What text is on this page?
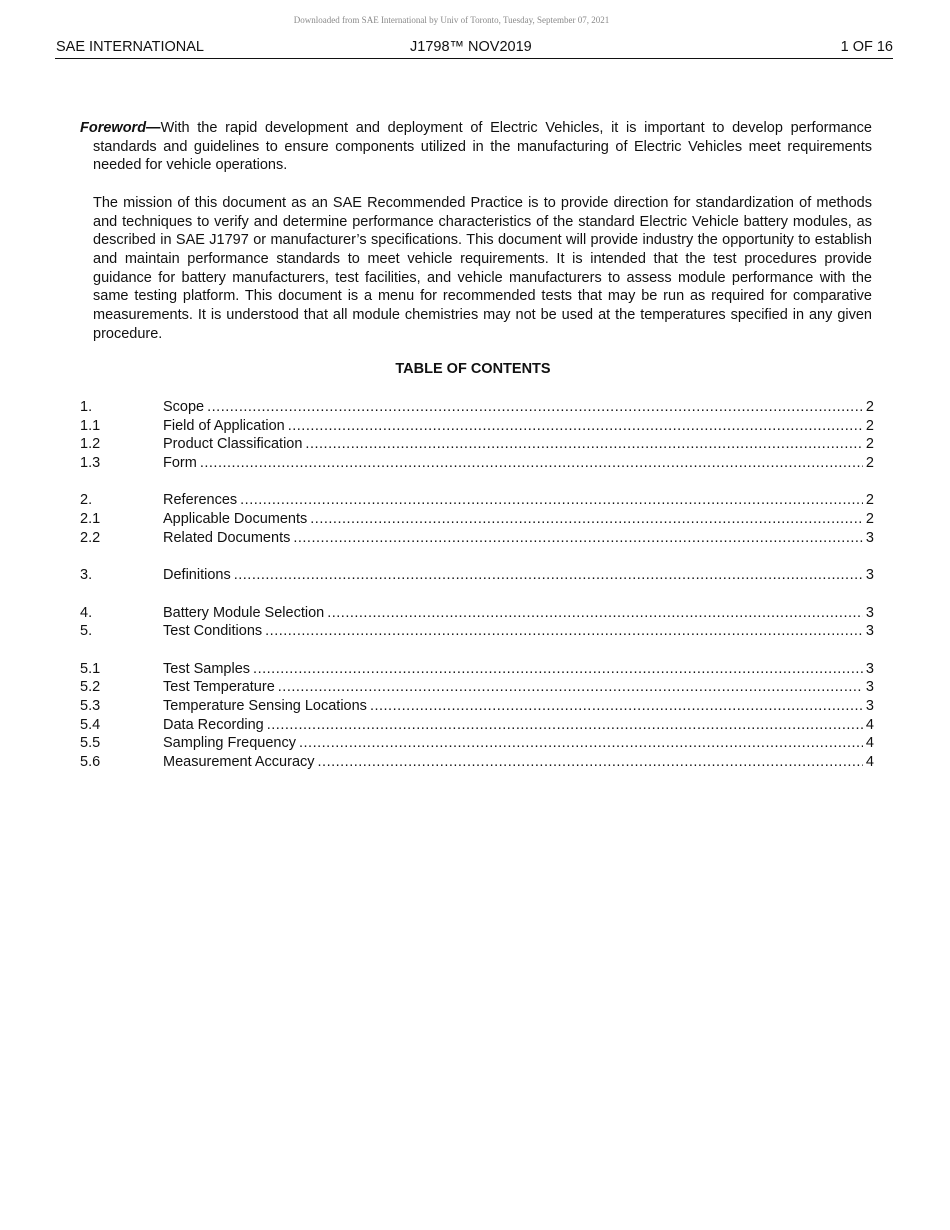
Downloaded from SAE International by Univ of Toronto, Tuesday, September 07, 2021
SAE INTERNATIONAL	J1798™ NOV2019	1 OF 16

Foreword—With the rapid development and deployment of Electric Vehicles, it is important to develop performance standards and guidelines to ensure components utilized in the manufacturing of Electric Vehicles meet requirements needed for vehicle operations.

The mission of this document as an SAE Recommended Practice is to provide direction for standardization of methods and techniques to verify and determine performance characteristics of the standard Electric Vehicle battery modules, as described in SAE J1797 or manufacturer’s specifications. This document will provide industry the opportunity to establish and maintain performance standards to meet vehicle requirements. It is intended that the test procedures provide guidance for battery manufacturers, test facilities, and vehicle manufacturers to assess module performance with the same testing platform. This document is a menu for recommended tests that may be run as required for comparative measurements. It is understood that all module chemistries may not be used at the temperatures specified in any given procedure.

TABLE OF CONTENTS
1.	Scope .....	2
1.1	Field of Application .....	2
1.2	Product Classification .....	2
1.3	Form .....	2
2.	References .....	2
2.1	Applicable Documents .....	2
2.2	Related Documents .....	3
3.	Definitions .....	3
4.	Battery Module Selection .....	3
5.	Test Conditions .....	3
5.1	Test Samples .....	3
5.2	Test Temperature .....	3
5.3	Temperature Sensing Locations .....	3
5.4	Data Recording .....	4
5.5	Sampling Frequency .....	4
5.6	Measurement Accuracy .....	4
